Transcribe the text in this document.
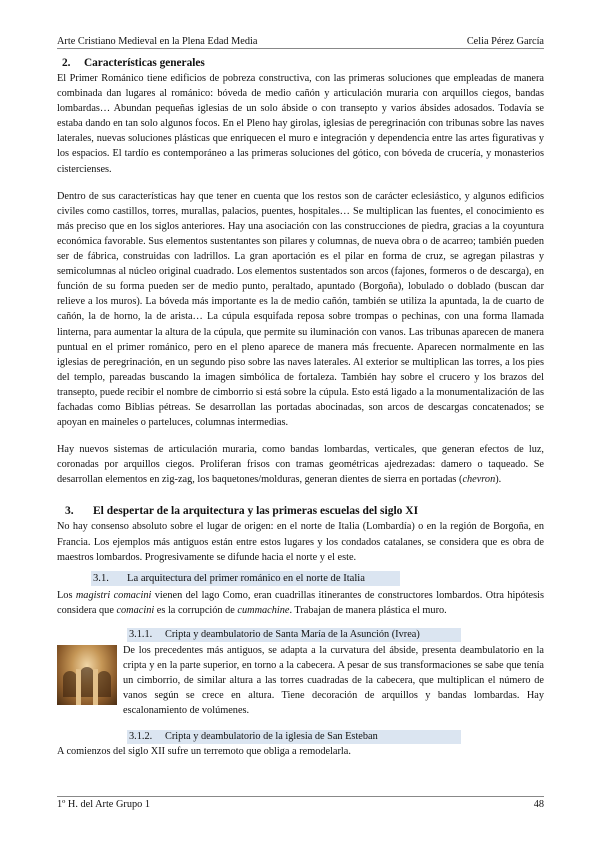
Arte Cristiano Medieval en la Plena Edad Media	Celia Pérez García
2. Características generales

El Primer Románico tiene edificios de pobreza constructiva, con las primeras soluciones que empleadas de manera combinada dan lugares al románico: bóveda de medio cañón y articulación muraria con arquillos ciegos, bandas lombardas… Abundan pequeñas iglesias de un solo ábside o con transepto y varios ábsides adosados. Todavía se estaba dando en tan solo algunos focos. En el Pleno hay girolas, iglesias de peregrinación con tribunas sobre las naves laterales, nuevas soluciones plásticas que enriquecen el muro e integración y dependencia entre las artes figurativas y los espacios. El tardío es contemporáneo a las primeras soluciones del gótico, con bóveda de crucería, y monasterios cistercienses.

Dentro de sus características hay que tener en cuenta que los restos son de carácter eclesiástico, y algunos edificios civiles como castillos, torres, murallas, palacios, puentes, hospitales… Se multiplican las fuentes, el conocimiento es más preciso que en los siglos anteriores. Hay una asociación con las construcciones de piedra, gracias a la coyuntura económica favorable. Sus elementos sustentantes son pilares y columnas, de nueva obra o de acarreo; también pueden ser de fábrica, construidas con ladrillos. La gran aportación es el pilar en forma de cruz, se agregan pilastras y semicolumnas al núcleo original cuadrado. Los elementos sustentados son arcos (fajones, formeros o de descarga), en función de su forma pueden ser de medio punto, peraltado, apuntado (Borgoña), lobulado o doblado (buscan dar relieve a los muros). La bóveda más importante es la de medio cañón, también se utiliza la apuntada, la de cuarto de cañón, la de horno, la de arista… La cúpula esquifada reposa sobre trompas o pechinas, con una forma llamada linterna, para aumentar la altura de la cúpula, que permite su iluminación con vanos. Las tribunas aparecen de manera puntual en el primer románico, pero en el pleno aparece de manera más frecuente. Aparecen normalmente en las iglesias de peregrinación, en un segundo piso sobre las naves laterales. Al exterior se multiplican las torres, a los pies del templo, pareadas buscando la imagen simbólica de fortaleza. También hay sobre el crucero y los brazos del transepto, puede recibir el nombre de cimborrio si está sobre la cúpula. Esto está ligado a la monumentalización de las fachadas como Biblias pétreas. Se desarrollan las portadas abocinadas, son arcos de descargas concatenados; se apoyan en maineles o parteluces, columnas intermedias.

Hay nuevos sistemas de articulación muraria, como bandas lombardas, verticales, que generan efectos de luz, coronadas por arquillos ciegos. Proliferan frisos con tramas geométricas ajedrezadas: damero o taqueado. Se desarrollan elementos en zig-zag, los baquetones/molduras, generan dientes de sierra en portadas (chevron).

3. El despertar de la arquitectura y las primeras escuelas del siglo XI

No hay consenso absoluto sobre el lugar de origen: en el norte de Italia (Lombardía) o en la región de Borgoña, en Francia. Los ejemplos más antiguos están entre estos lugares y los condados catalanes, se considera que es obra de maestros lombardos. Progresivamente se difunde hacia el norte y el este.

3.1. La arquitectura del primer románico en el norte de Italia

Los magistri comacini vienen del lago Como, eran cuadrillas itinerantes de constructores lombardos. Otra hipótesis considera que comacini es la corrupción de cummachine. Trabajan de manera plástica el muro.

3.1.1. Cripta y deambulatorio de Santa María de la Asunción (Ivrea)

De los precedentes más antiguos, se adapta a la curvatura del ábside, presenta deambulatorio en la cripta y en la parte superior, en torno a la cabecera. A pesar de sus transformaciones se sabe que tenía un cimborrio, de similar altura a las torres cuadradas de la cabecera, que multiplican el número de vanos según se crece en altura. Tiene decoración de arquillos y bandas lombardas. Hay escalonamiento de volúmenes.

3.1.2. Cripta y deambulatorio de la iglesia de San Esteban

A comienzos del siglo XII sufre un terremoto que obliga a remodelarla.

1º H. del Arte Grupo 1	48
